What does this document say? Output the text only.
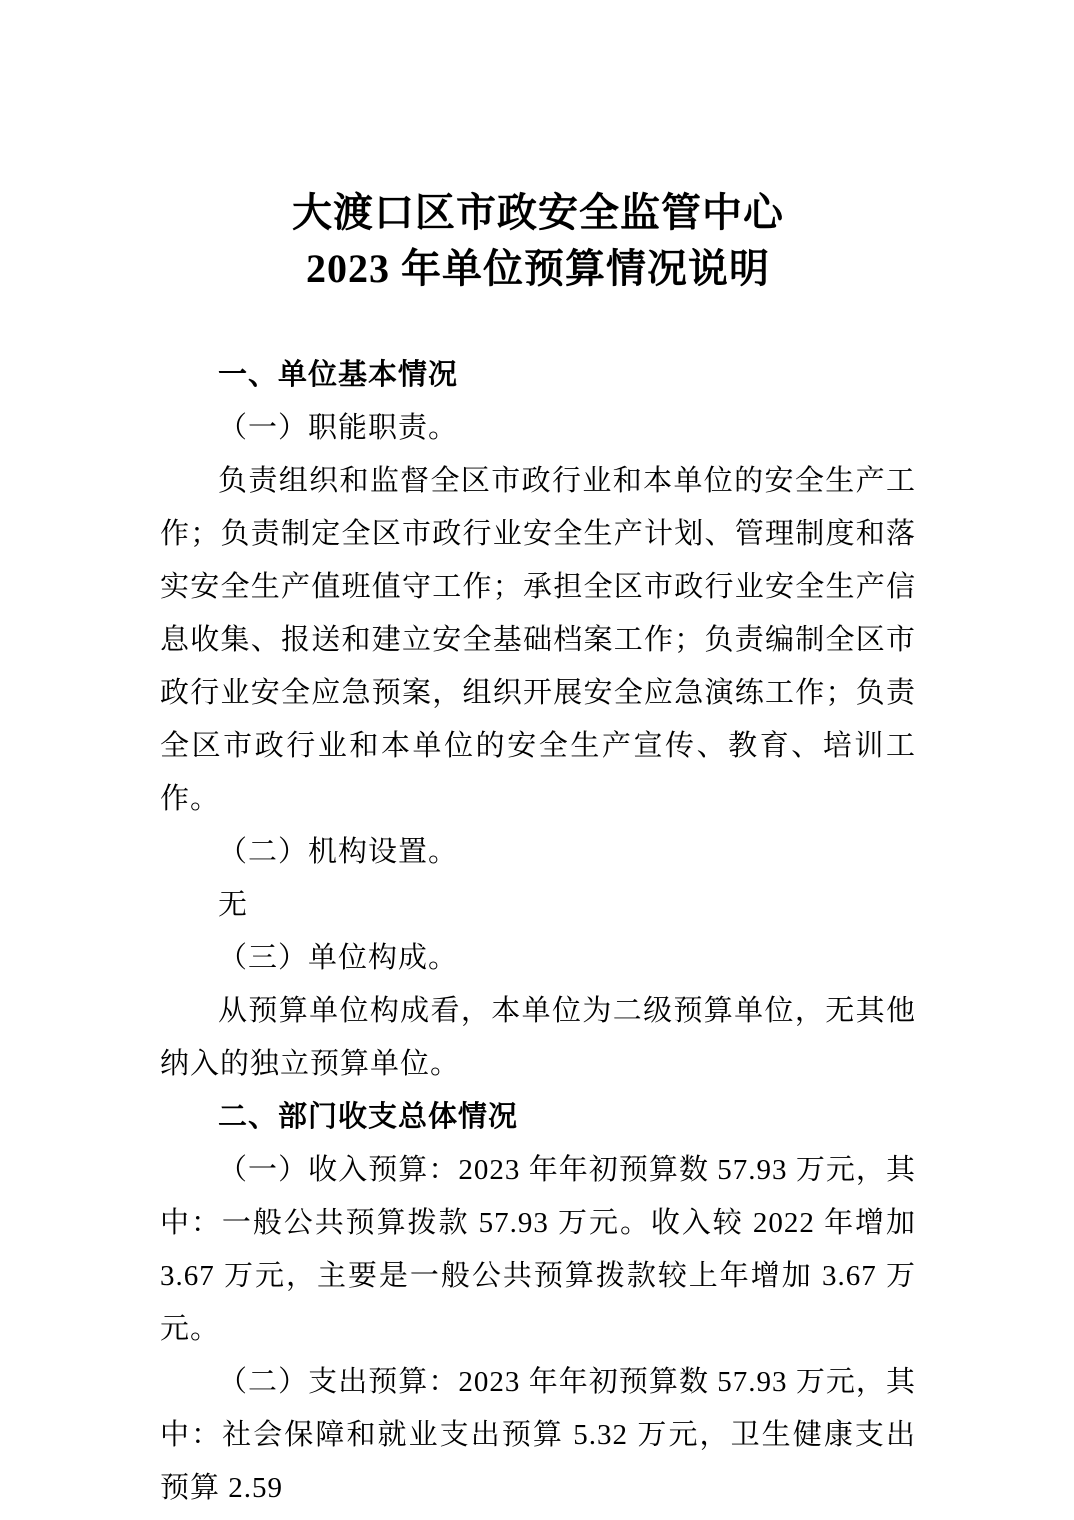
大渡口区市政安全监管中心
2023 年单位预算情况说明
一、单位基本情况
（一）职能职责。
负责组织和监督全区市政行业和本单位的安全生产工作；负责制定全区市政行业安全生产计划、管理制度和落实安全生产值班值守工作；承担全区市政行业安全生产信息收集、报送和建立安全基础档案工作；负责编制全区市政行业安全应急预案，组织开展安全应急演练工作；负责全区市政行业和本单位的安全生产宣传、教育、培训工作。
（二）机构设置。
无
（三）单位构成。
从预算单位构成看，本单位为二级预算单位，无其他纳入的独立预算单位。
二、部门收支总体情况
（一）收入预算：2023 年年初预算数 57.93 万元，其中：一般公共预算拨款 57.93 万元。收入较 2022 年增加 3.67 万元，主要是一般公共预算拨款较上年增加 3.67 万元。
（二）支出预算：2023 年年初预算数 57.93 万元，其中：社会保障和就业支出预算 5.32 万元，卫生健康支出预算 2.59
